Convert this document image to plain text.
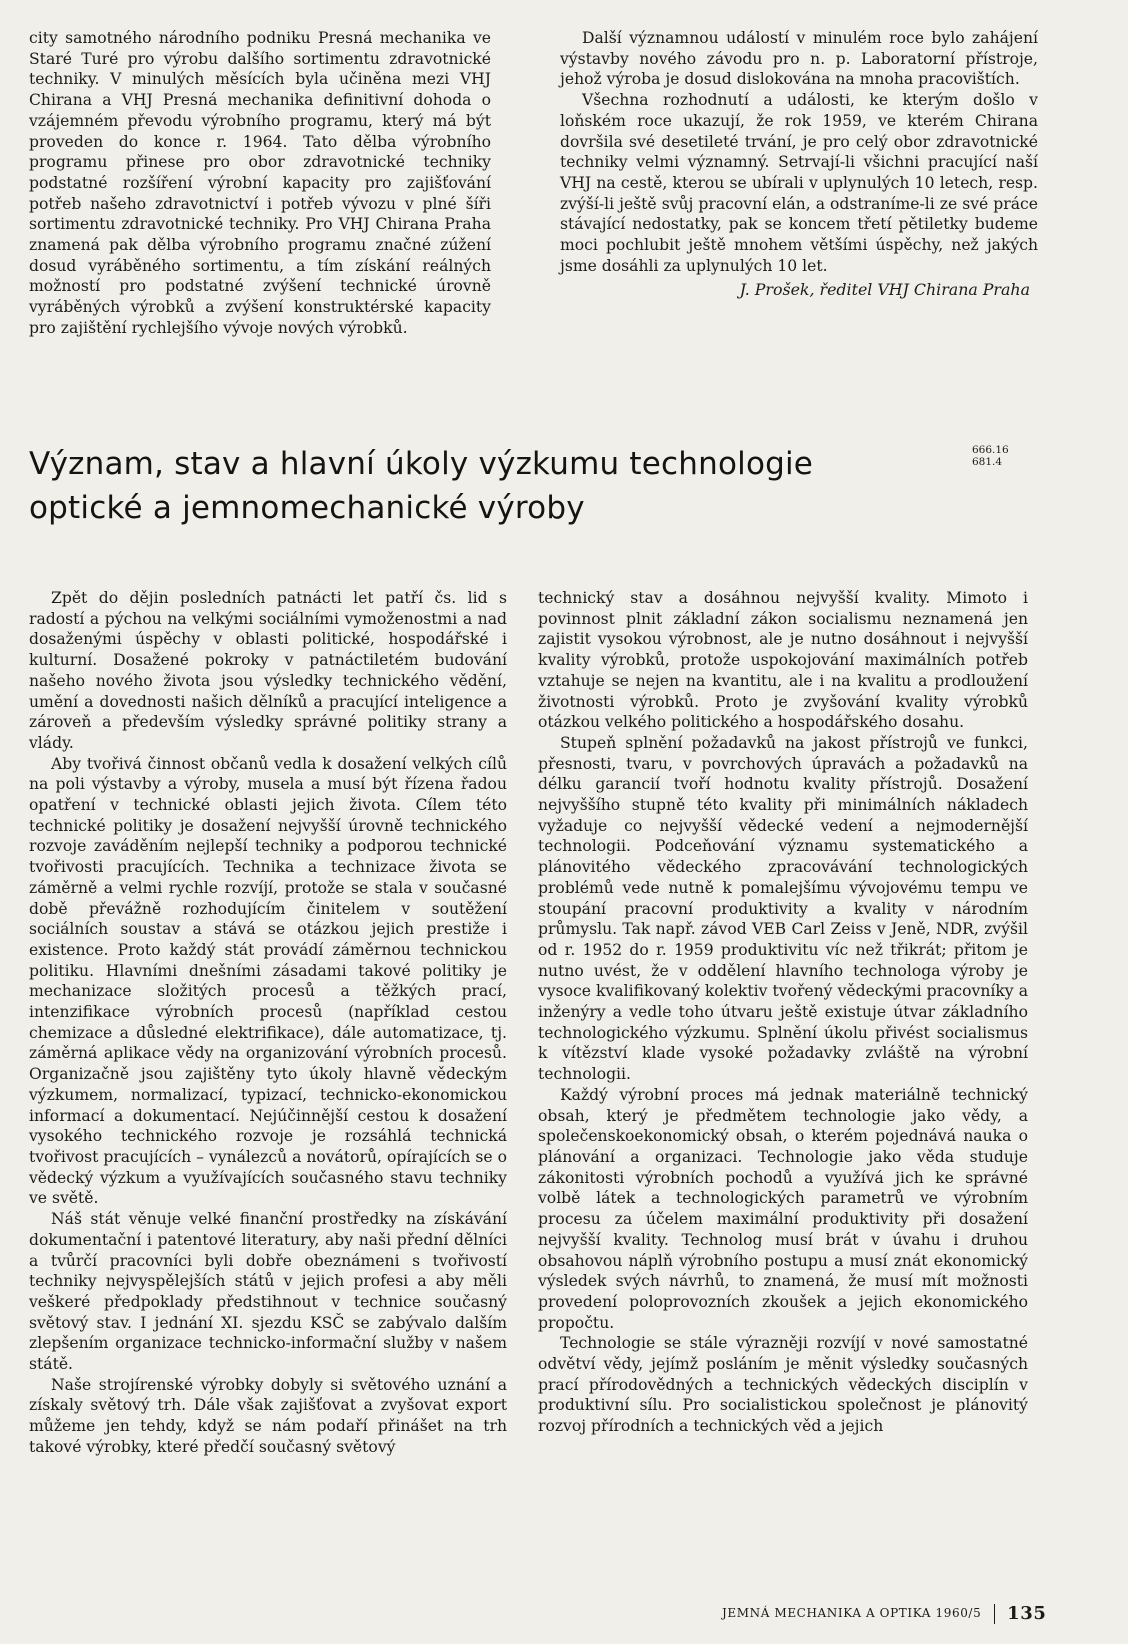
city samotného národního podniku Presná mechanika ve Staré Turé pro výrobu dalšího sortimentu zdravotnické techniky. V minulých měsících byla učiněna mezi VHJ Chirana a VHJ Presná mechanika definitivní dohoda o vzájemném převodu výrobního programu, který má být proveden do konce r. 1964. Tato dělba výrobního programu přinese pro obor zdravotnické techniky podstatné rozšíření výrobní kapacity pro zajišťování potřeb našeho zdravotnictví i potřeb vývozu v plné šíři sortimentu zdravotnické techniky. Pro VHJ Chirana Praha znamená pak dělba výrobního programu značné zúžení dosud vyráběného sortimentu, a tím získání reálných možností pro podstatné zvýšení technické úrovně vyráběných výrobků a zvýšení konstruktérské kapacity pro zajištění rychlejšího vývoje nových výrobků.

Další významnou událostí v minulém roce bylo zahájení výstavby nového závodu pro n. p. Laboratorní přístroje, jehož výroba je dosud dislokována na mnoha pracovištích.

Všechna rozhodnutí a události, ke kterým došlo v loňském roce ukazují, že rok 1959, ve kterém Chirana dovršila své desetileté trvání, je pro celý obor zdravotnické techniky velmi významný. Setrvají-li všichni pracující naší VHJ na cestě, kterou se ubírali v uplynulých 10 letech, resp. zvýší-li ještě svůj pracovní elán, a odstraníme-li ze své práce stávající nedostatky, pak se koncem třetí pětiletky budeme moci pochlubit ještě mnohem většími úspěchy, než jakých jsme dosáhli za uplynulých 10 let.

J. Prošek, ředitel VHJ Chirana Praha
Význam, stav a hlavní úkoly výzkumu technologie
optické a jemnomechanické výroby
666.16
681.4

Zpět do dějin posledních patnácti let patří čs. lid s radostí a pýchou na velkými sociálními vymoženostmi a nad dosaženými úspěchy v oblasti politické, hospodářské i kulturní. Dosažené pokroky v patnáctiletém budování našeho nového života jsou výsledky technického vědění, umění a dovednosti našich dělníků a pracující inteligence a zároveň a především výsledky správné politiky strany a vlády.

Aby tvořivá činnost občanů vedla k dosažení velkých cílů na poli výstavby a výroby, musela a musí být řízena řadou opatření v technické oblasti jejich života. Cílem této technické politiky je dosažení nejvyšší úrovně technického rozvoje zaváděním nejlepší techniky a podporou technické tvořivosti pracujících. Technika a technizace života se záměrně a velmi rychle rozvíjí, protože se stala v současné době převážně rozhodujícím činitelem v soutěžení sociálních soustav a stává se otázkou jejich prestiže i existence. Proto každý stát provádí záměrnou technickou politiku. Hlavními dnešními zásadami takové politiky je mechanizace složitých procesů a těžkých prací, intenzifikace výrobních procesů (například cestou chemizace a důsledné elektrifikace), dále automatizace, tj. záměrná aplikace vědy na organizování výrobních procesů. Organizačně jsou zajištěny tyto úkoly hlavně vědeckým výzkumem, normalizací, typizací, technicko-ekonomickou informací a dokumentací. Nejúčinnější cestou k dosažení vysokého technického rozvoje je rozsáhlá technická tvořivost pracujících – vynálezců a novátorů, opírajících se o vědecký výzkum a využívajících současného stavu techniky ve světě.

Náš stát věnuje velké finanční prostředky na získávání dokumentační i patentové literatury, aby naši přední dělníci a tvůrčí pracovníci byli dobře obeznámeni s tvořivostí techniky nejvyspělejších států v jejich profesi a aby měli veškeré předpoklady předstihnout v technice současný světový stav. I jednání XI. sjezdu KSČ se zabývalo dalším zlepšením organizace technicko-informační služby v našem státě.

Naše strojírenské výrobky dobyly si světového uznání a získaly světový trh. Dále však zajišťovat a zvyšovat export můžeme jen tehdy, když se nám podaří přinášet na trh takové výrobky, které předčí současný světový

technický stav a dosáhnou nejvyšší kvality. Mimoto i povinnost plnit základní zákon socialismu neznamená jen zajistit vysokou výrobnost, ale je nutno dosáhnout i nejvyšší kvality výrobků, protože uspokojování maximálních potřeb vztahuje se nejen na kvantitu, ale i na kvalitu a prodloužení životnosti výrobků. Proto je zvyšování kvality výrobků otázkou velkého politického a hospodářského dosahu.

Stupeň splnění požadavků na jakost přístrojů ve funkci, přesnosti, tvaru, v povrchových úpravách a požadavků na délku garancií tvoří hodnotu kvality přístrojů. Dosažení nejvyššího stupně této kvality při minimálních nákladech vyžaduje co nejvyšší vědecké vedení a nejmodernější technologii. Podceňování významu systematického a plánovitého vědeckého zpracovávání technologických problémů vede nutně k pomalejšímu vývojovému tempu ve stoupání pracovní produktivity a kvality v národním průmyslu. Tak např. závod VEB Carl Zeiss v Jeně, NDR, zvýšil od r. 1952 do r. 1959 produktivitu víc než třikrát; přitom je nutno uvést, že v oddělení hlavního technologa výroby je vysoce kvalifikovaný kolektiv tvořený vědeckými pracovníky a inženýry a vedle toho útvaru ještě existuje útvar základního technologického výzkumu. Splnění úkolu přivést socialismus k vítězství klade vysoké požadavky zvláště na výrobní technologii.

Každý výrobní proces má jednak materiálně technický obsah, který je předmětem technologie jako vědy, a společenskoekonomický obsah, o kterém pojednává nauka o plánování a organizaci. Technologie jako věda studuje zákonitosti výrobních pochodů a využívá jich ke správné volbě látek a technologických parametrů ve výrobním procesu za účelem maximální produktivity při dosažení nejvyšší kvality. Technolog musí brát v úvahu i druhou obsahovou náplň výrobního postupu a musí znát ekonomický výsledek svých návrhů, to znamená, že musí mít možnosti provedení poloprovozních zkoušek a jejich ekonomického propočtu.

Technologie se stále výrazněji rozvíjí v nové samostatné odvětví vědy, jejímž posláním je měnit výsledky současných prací přírodovědných a technických vědeckých disciplín v produktivní sílu. Pro socialistickou společnost je plánovitý rozvoj přírodních a technických věd a jejich

JEMNÁ MECHANIKA A OPTIKA 1960/5 135
